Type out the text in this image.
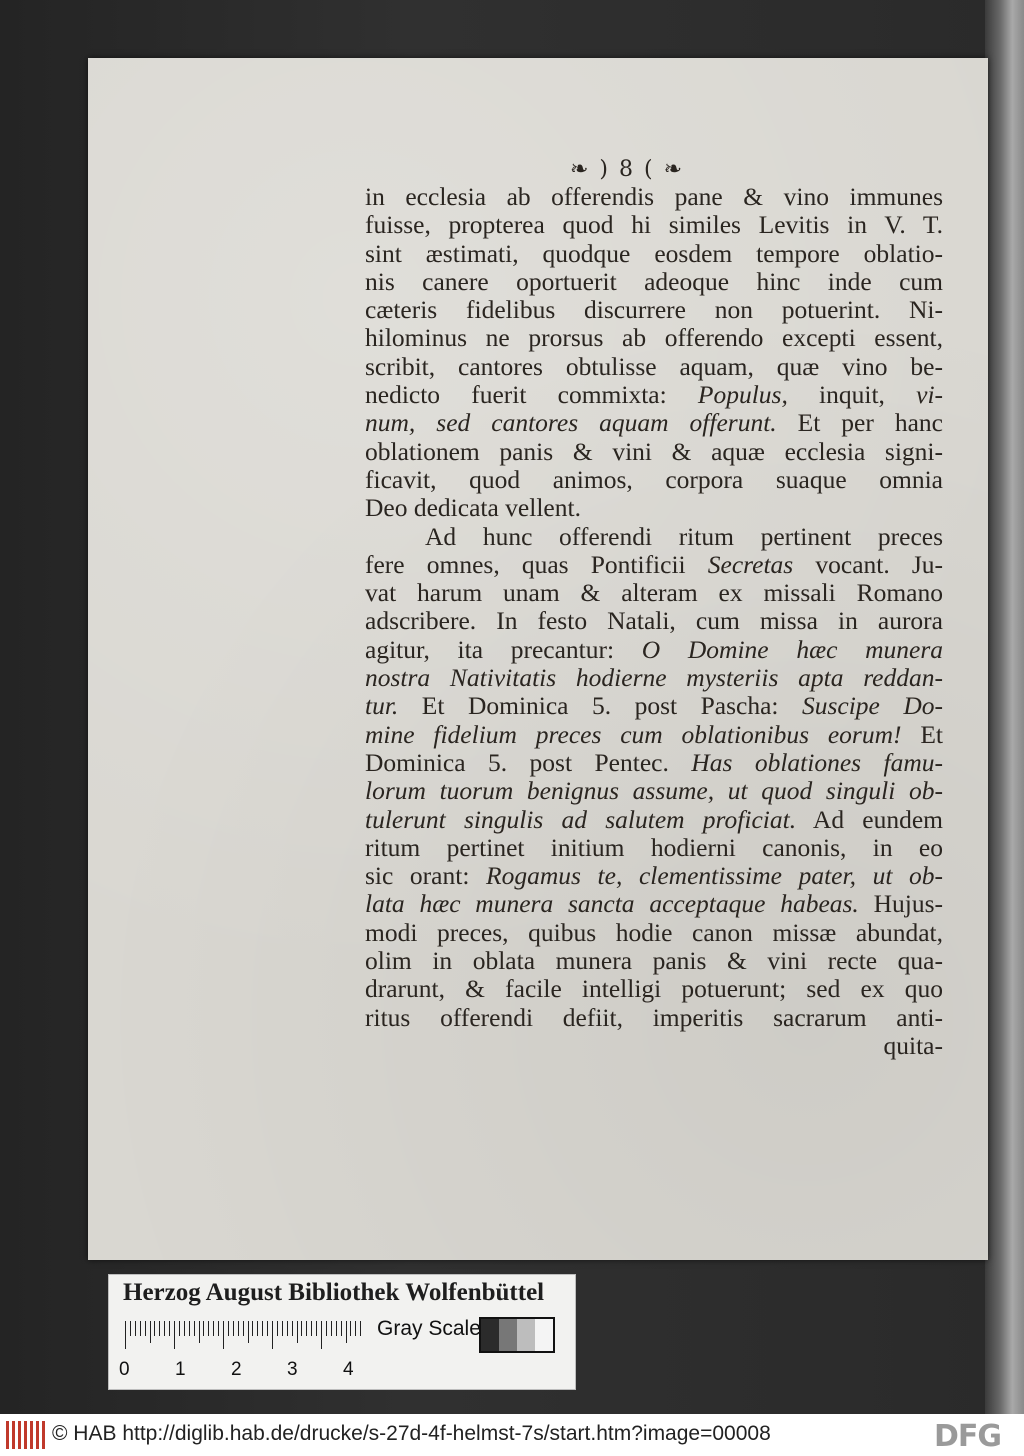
❧ ) 8 ( ❧
in ecclesia ab offerendis pane & vino immunes
fuisse, propterea quod hi similes Levitis in V. T.
sint æstimati, quodque eosdem tempore oblatio-
nis canere oportuerit adeoque hinc inde cum
cæteris fidelibus discurrere non potuerint. Ni-
hilominus ne prorsus ab offerendo excepti essent,
scribit, cantores obtulisse aquam, quæ vino be-
nedicto fuerit commixta: Populus, inquit, vi-
num, sed cantores aquam offerunt. Et per hanc
oblationem panis & vini & aquæ ecclesia signi-
ficavit, quod animos, corpora suaque omnia
Deo dedicata vellent.
Ad hunc offerendi ritum pertinent preces
fere omnes, quas Pontificii Secretas vocant. Ju-
vat harum unam & alteram ex missali Romano
adscribere. In festo Natali, cum missa in aurora
agitur, ita precantur: O Domine hæc munera
nostra Nativitatis hodierne mysteriis apta reddan-
tur. Et Dominica 5. post Pascha: Suscipe Do-
mine fidelium preces cum oblationibus eorum! Et
Dominica 5. post Pentec. Has oblationes famu-
lorum tuorum benignus assume, ut quod singuli ob-
tulerunt singulis ad salutem proficiat. Ad eundem
ritum pertinet initium hodierni canonis, in eo
sic orant: Rogamus te, clementissime pater, ut ob-
lata hæc munera sancta acceptaque habeas. Hujus-
modi preces, quibus hodie canon missæ abundat,
olim in oblata munera panis & vini recte qua-
drarunt, & facile intelligi potuerunt; sed ex quo
ritus offerendi defiit, imperitis sacrarum anti-
quita-
Herzog August Bibliothek Wolfenbüttel
0 1 2 3 4
Gray Scale
© HAB http://diglib.hab.de/drucke/s-27d-4f-helmst-7s/start.htm?image=00008	DFG
